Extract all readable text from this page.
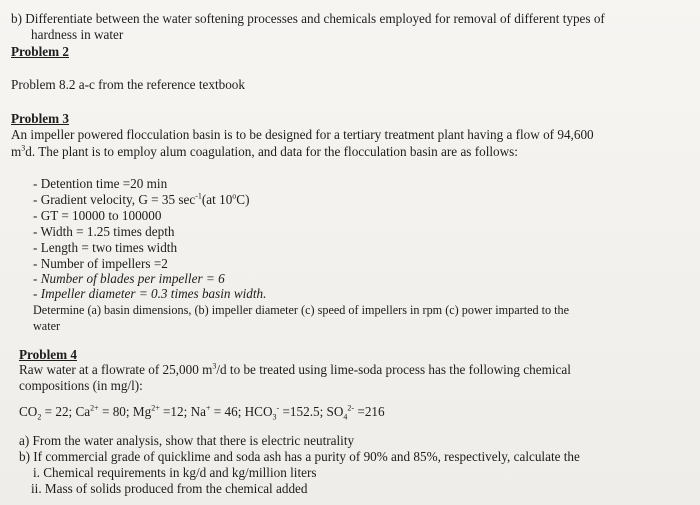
b) Differentiate between the water softening processes and chemicals employed for removal of different types of
hardness in water
Problem 2
Problem 8.2 a-c from the reference textbook
Problem 3
An impeller powered flocculation basin is to be designed for a tertiary treatment plant having a flow of 94,600
$m^3d$. The plant is to employ alum coagulation, and data for the flocculation basin are as follows:
- Detention time =20 min
- Gradient velocity, G = 35 $\sec^{-1}(at$ 10$^o$C)
- GT = 10000 to 100000
- Width = 1.25 times depth
- Length = two times width
- Number of impellers =2
- Number of blades per impeller = 6
- Impeller diameter = 0.3 times basin width.
Determine (a) basin dimensions, (b) impeller diameter (c) speed of impellers in rpm (c) power imparted to the
water
Problem 4
Raw water at a flowrate of 25,000 $m^3/d$ to be treated using lime-soda process has the following chemical
compositions (in mg/l):
$CO_2 = 22$; $Ca^{2+} = 80$; $Mg^{2+} =12$; Na+ = 46; $HCO_3^- =152.5$; $SO_4^{2-} =216$
a) From the water analysis, show that there is electric neutrality
b) If commercial grade of quicklime and soda ash has a purity of 90% and 85%, respectively, calculate the
i. Chemical requirements in kg/d and kg/million liters
ii. Mass of solids produced from the chemical added
